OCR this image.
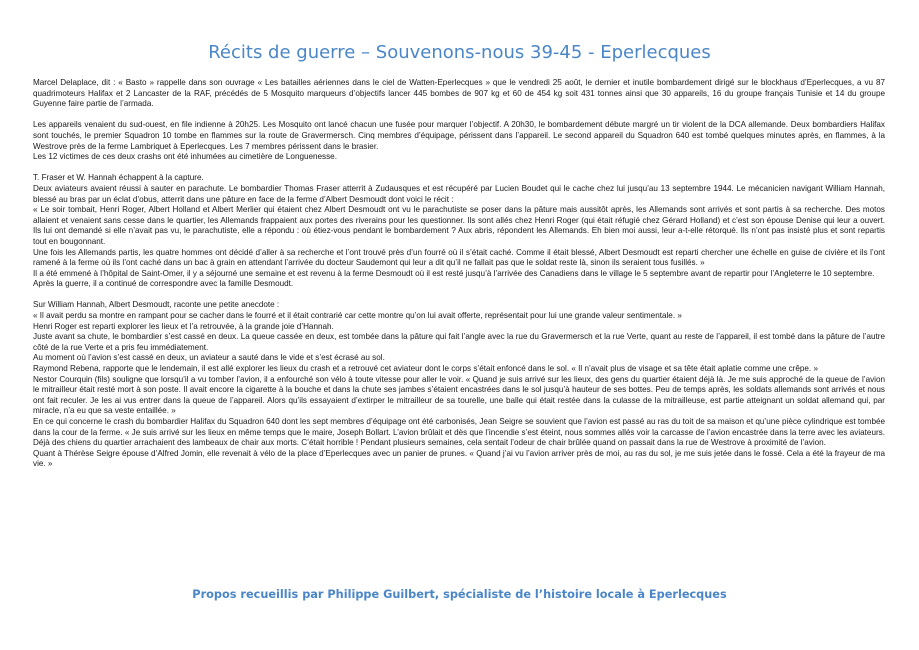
Récits de guerre – Souvenons-nous 39-45 - Eperlecques

Marcel Delaplace, dit : « Basto » rappelle dans son ouvrage « Les batailles aériennes dans le ciel de Watten-Eperlecques » que le vendredi 25 août, le dernier et inutile bombardement dirigé sur le blockhaus d’Eperlecques, a vu 87 quadrimoteurs Halifax et 2 Lancaster de la RAF, précédés de 5 Mosquito marqueurs d’objectifs lancer 445 bombes de 907 kg et 60 de 454 kg soit 431 tonnes ainsi que 30 appareils, 16 du groupe français Tunisie et 14 du groupe Guyenne faire partie de l’armada.

Les appareils venaient du sud-ouest, en file indienne à 20h25. Les Mosquito ont lancé chacun une fusée pour marquer l’objectif. A 20h30, le bombardement débute margré un tir violent de la DCA allemande. Deux bombardiers Halifax sont touchés, le premier Squadron 10 tombe en flammes sur la route de Gravermersch. Cinq membres d’équipage, périssent dans l’appareil. Le second appareil du Squadron 640 est tombé quelques minutes après, en flammes, à la Westrove près de la ferme Lambriquet à Eperlecques. Les 7 membres périssent dans le brasier.

Les 12 victimes de ces deux crashs ont été inhumées au cimetière de Longuenesse.

T. Fraser et W. Hannah échappent à la capture.

Deux aviateurs avaient réussi à sauter en parachute. Le bombardier Thomas Fraser atterrit à Zudausques et est récupéré par Lucien Boudet qui le cache chez lui jusqu’au 13 septembre 1944. Le mécanicien navigant William Hannah, blessé au bras par un éclat d’obus, atterrit dans une pâture en face de la ferme d’Albert Desmoudt dont voici le récit :

« Le soir tombait, Henri Roger, Albert Holland et Albert Merlier qui étaient chez Albert Desmoudt ont vu le parachutiste se poser dans la pâture mais aussitôt après, les Allemands sont arrivés et sont partis à sa recherche. Des motos allaient et venaient sans cesse dans le quartier, les Allemands frappaient aux portes des riverains pour les questionner. Ils sont allés chez Henri Roger (qui était réfugié chez Gérard Holland) et c’est son épouse Denise qui leur a ouvert. Ils lui ont demandé si elle n’avait pas vu, le parachutiste, elle a répondu : où étiez-vous pendant le bombardement ? Aux abris, répondent les Allemands. Eh bien moi aussi, leur a-t-elle rétorqué. Ils n’ont pas insisté plus et sont repartis tout en bougonnant.

Une fois les Allemands partis, les quatre hommes ont décidé d’aller à sa recherche et l’ont trouvé près d’un fourré où il s’était caché. Comme il était blessé, Albert Desmoudt est reparti chercher une échelle en guise de civière et ils l’ont ramené à la ferme où ils l’ont caché dans un bac à grain en attendant l’arrivée du docteur Saudemont qui leur a dit qu’il ne fallait pas que le soldat reste là, sinon ils seraient tous fusillés. »

Il a été emmené à l’hôpital de Saint-Omer, il y a séjourné une semaine et est revenu à la ferme Desmoudt où il est resté jusqu’à l’arrivée des Canadiens dans le village le 5 septembre avant de repartir pour l’Angleterre le 10 septembre.

Après la guerre, il a continué de correspondre avec la famille Desmoudt.

Sur William Hannah, Albert Desmoudt, raconte une petite anecdote :

« Il avait perdu sa montre en rampant pour se cacher dans le fourré et il était contrarié car cette montre qu’on lui avait offerte, représentait pour lui une grande valeur sentimentale. »

Henri Roger est reparti explorer les lieux et l’a retrouvée, à la grande joie d’Hannah.

Juste avant sa chute, le bombardier s’est cassé en deux. La queue cassée en deux, est tombée dans la pâture qui fait l’angle avec la rue du Gravermersch et la rue Verte, quant au reste de l’appareil, il est tombé dans la pâture de l’autre côté de la rue Verte et a pris feu immédiatement.

Au moment où l’avion s’est cassé en deux, un aviateur a sauté dans le vide et s’est écrasé au sol.

Raymond Rebena, rapporte que le lendemain, il est allé explorer les lieux du crash et a retrouvé cet aviateur dont le corps s’était enfoncé dans le sol. « Il n’avait plus de visage et sa tête était aplatie comme une crêpe. »

Nestor Courquin (fils) souligne que lorsqu’il a vu tomber l’avion, il a enfourché son vélo à toute vitesse pour aller le voir. « Quand je suis arrivé sur les lieux, des gens du quartier étaient déjà là. Je me suis approché de la queue de l’avion le mitrailleur était resté mort à son poste. Il avait encore la cigarette à la bouche et dans la chute ses jambes s’étaient encastrées dans le sol jusqu’à hauteur de ses bottes. Peu de temps après, les soldats allemands sont arrivés et nous ont fait reculer. Je les ai vus entrer dans la queue de l’appareil. Alors qu’ils essayaient d’extirper le mitrailleur de sa tourelle, une balle qui était restée dans la culasse de la mitrailleuse, est partie atteignant un soldat allemand qui, par miracle, n’a eu que sa veste entaillée. »

En ce qui concerne le crash du bombardier Halifax du Squadron 640 dont les sept membres d’équipage ont été carbonisés, Jean Seigre se souvient que l’avion est passé au ras du toit de sa maison et qu’une pièce cylindrique est tombée dans la cour de la ferme. « Je suis arrivé sur les lieux en même temps que le maire, Joseph Bollart. L’avion brûlait et dès que l’incendie s’est éteint, nous sommes allés voir la carcasse de l’avion encastrée dans la terre avec les aviateurs. Déjà des chiens du quartier arrachaient des lambeaux de chair aux morts. C’était horrible ! Pendant plusieurs semaines, cela sentait l’odeur de chair brûlée quand on passait dans la rue de Westrove à proximité de l’avion.

Quant à Thérèse Seigre épouse d’Alfred Jomin, elle revenait à vélo de la place d’Eperlecques avec un panier de prunes. « Quand j’ai vu l’avion arriver près de moi, au ras du sol, je me suis jetée dans le fossé. Cela a été la frayeur de ma vie. »

Propos recueillis par Philippe Guilbert, spécialiste de l’histoire locale à Eperlecques
